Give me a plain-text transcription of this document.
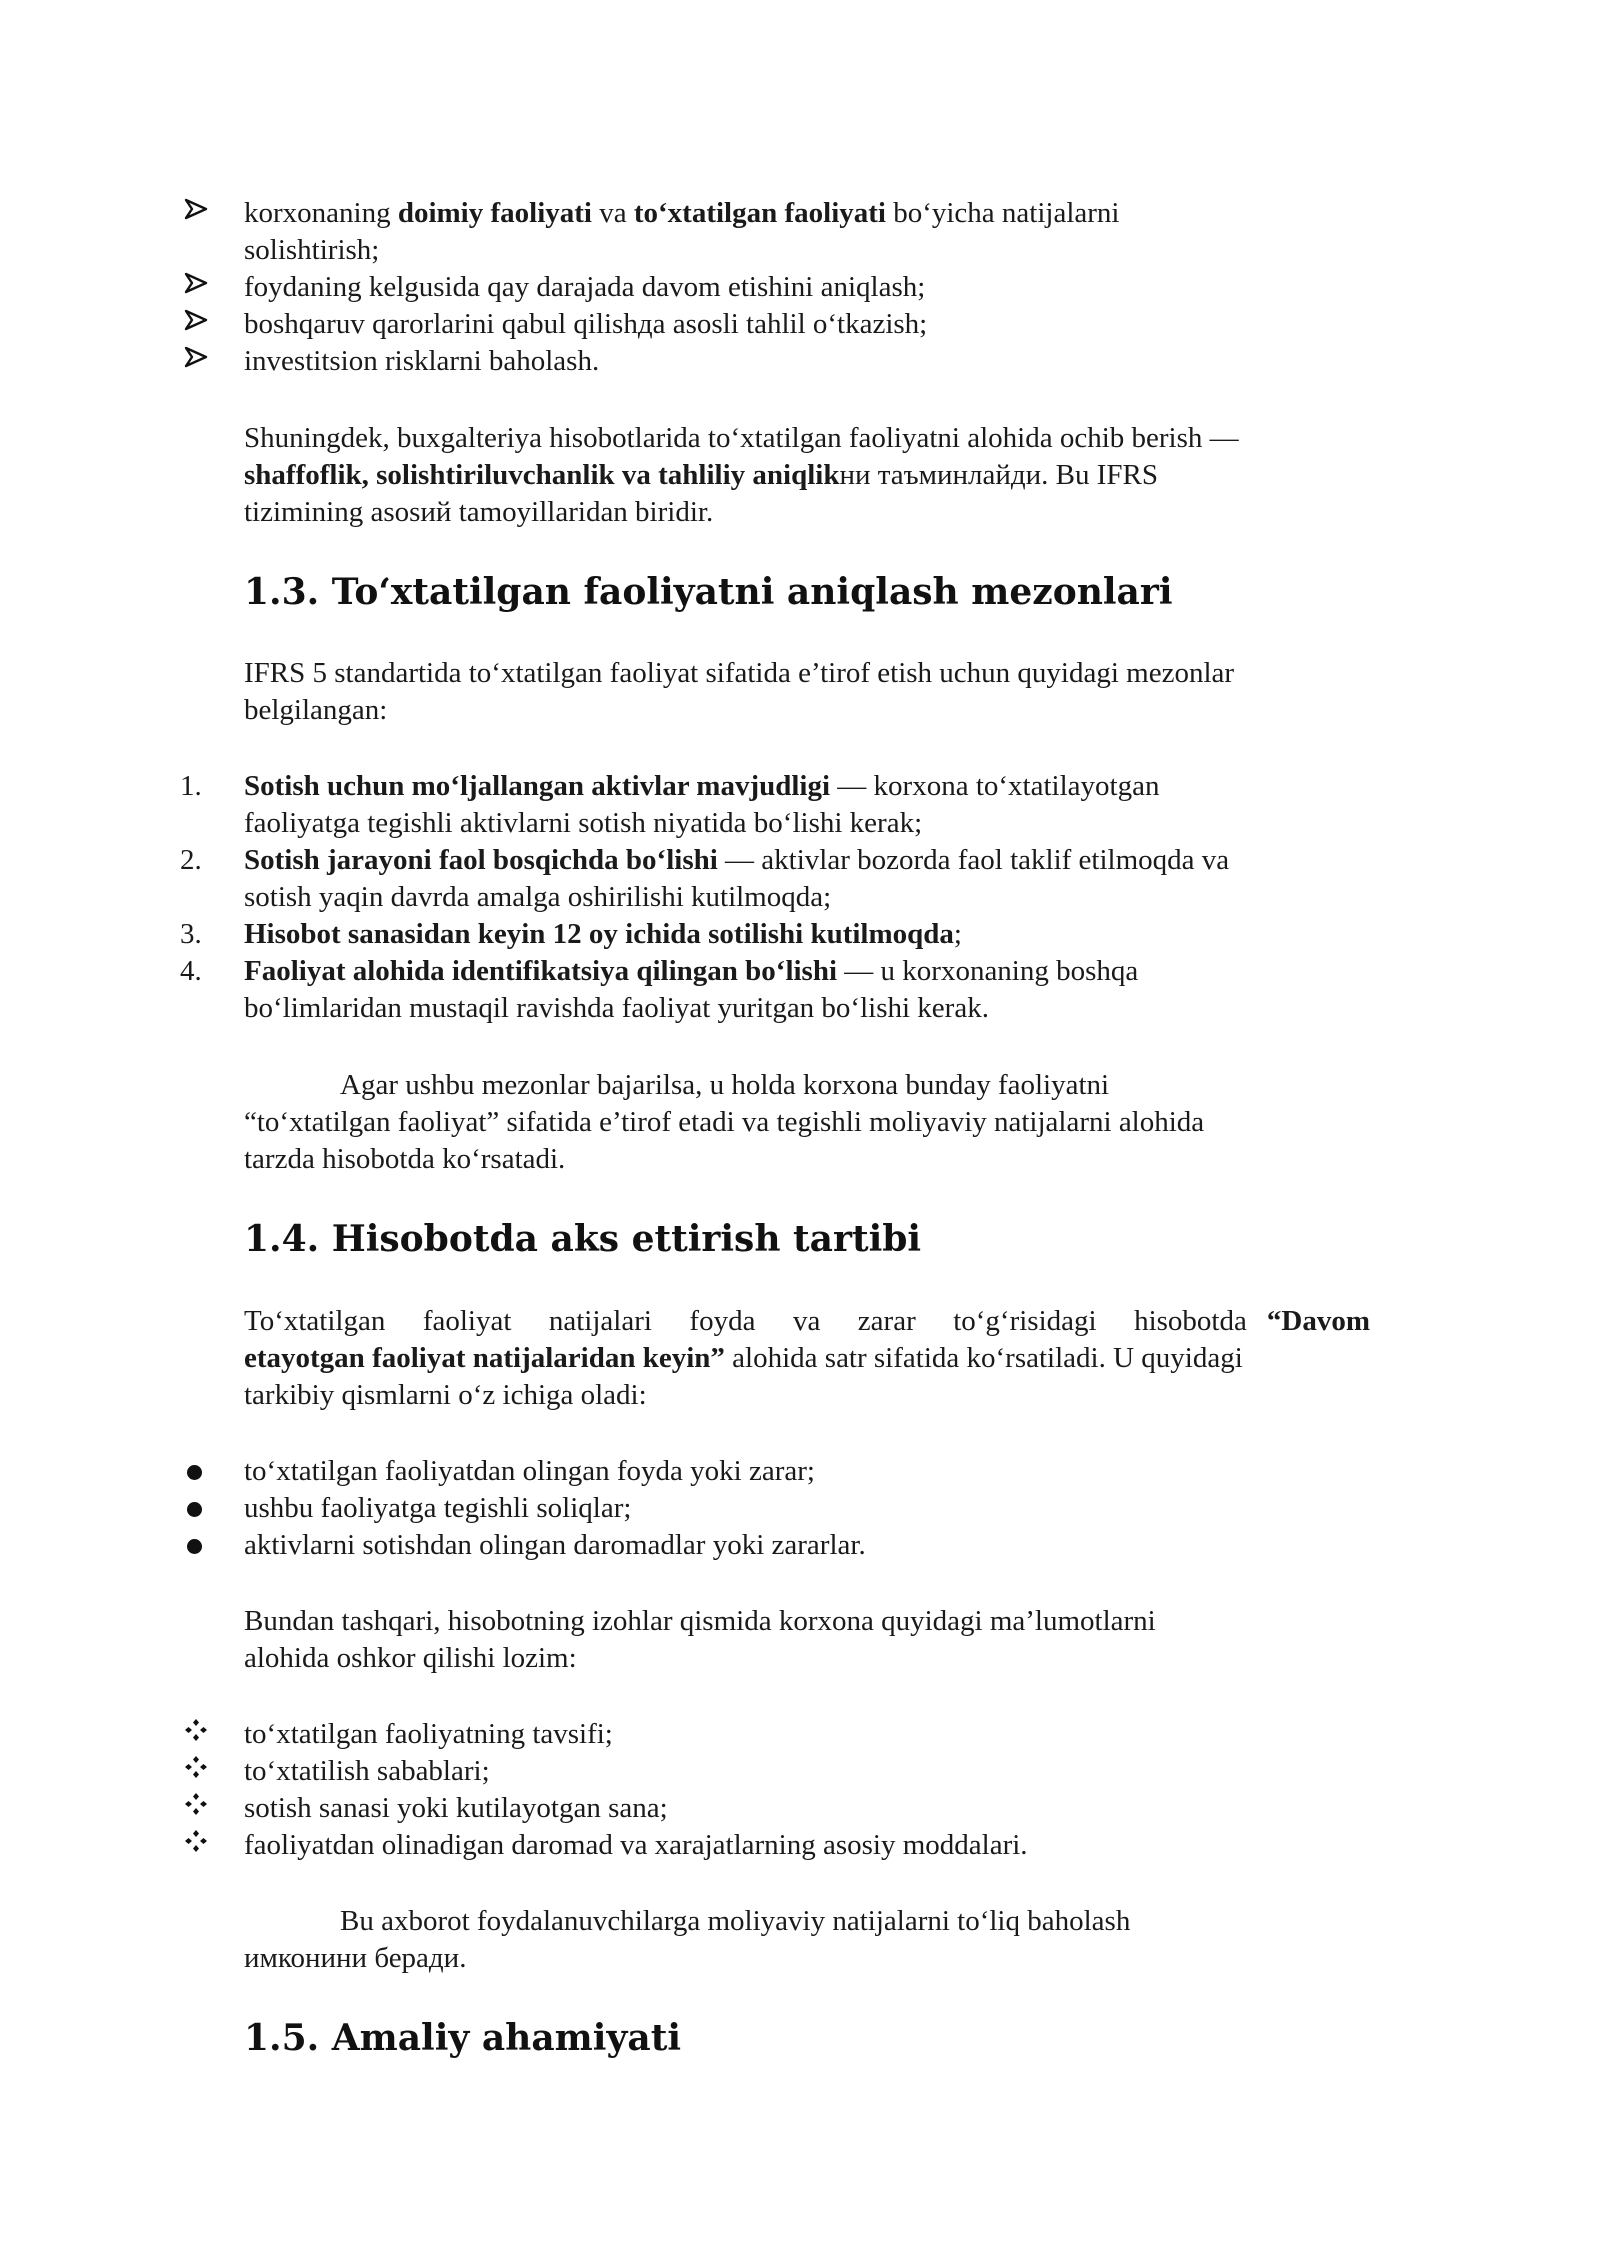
korxonaning doimiy faoliyati va toʻxtatilgan faoliyati boʻyicha natijalarni
solishtirish;
foydaning kelgusida qay darajada davom etishini aniqlash;
boshqaruv qarorlarini qabul qilishда asosli tahlil oʻtkazish;
investitsion risklarni baholash.
Shuningdek, buxgalteriya hisobotlarida toʻxtatilgan faoliyatni alohida ochib berish —
shaffoflik, solishtiriluvchanlik va tahliliy aniqlikни таъминлайди. Bu IFRS
tizimining asosий tamoyillaridan biridir.
1.3. Toʻxtatilgan faoliyatni aniqlash mezonlari
IFRS 5 standartida toʻxtatilgan faoliyat sifatida e’tirof etish uchun quyidagi mezonlar
belgilangan:
1.	Sotish uchun moʻljallangan aktivlar mavjudligi — korxona toʻxtatilayotgan
faoliyatga tegishli aktivlarni sotish niyatida boʻlishi kerak;
2.	Sotish jarayoni faol bosqichda boʻlishi — aktivlar bozorda faol taklif etilmoqda va
sotish yaqin davrda amalga oshirilishi kutilmoqda;
3.	Hisobot sanasidan keyin 12 oy ichida sotilishi kutilmoqda;
4.	Faoliyat alohida identifikatsiya qilingan boʻlishi — u korxonaning boshqa
boʻlimlaridan mustaqil ravishda faoliyat yuritgan boʻlishi kerak.
Agar ushbu mezonlar bajarilsa, u holda korxona bunday faoliyatni
“toʻxtatilgan faoliyat” sifatida e’tirof etadi va tegishli moliyaviy natijalarni alohida
tarzda hisobotda koʻrsatadi.
1.4. Hisobotda aks ettirish tartibi
Toʻxtatilgan faoliyat natijalari foyda va zarar toʻgʻrisidagi hisobotda “Davom
etayotgan faoliyat natijalaridan keyin” alohida satr sifatida koʻrsatiladi. U quyidagi
tarkibiy qismlarni oʻz ichiga oladi:
toʻxtatilgan faoliyatdan olingan foyda yoki zarar;
ushbu faoliyatga tegishli soliqlar;
aktivlarni sotishdan olingan daromadlar yoki zararlar.
Bundan tashqari, hisobotning izohlar qismida korxona quyidagi ma’lumotlarni
alohida oshkor qilishi lozim:
toʻxtatilgan faoliyatning tavsifi;
toʻxtatilish sabablari;
sotish sanasi yoki kutilayotgan sana;
faoliyatdan olinadigan daromad va xarajatlarning asosiy moddalari.
Bu axborot foydalanuvchilarga moliyaviy natijalarni toʻliq baholash
имконини беради.
1.5. Amaliy ahamiyati
